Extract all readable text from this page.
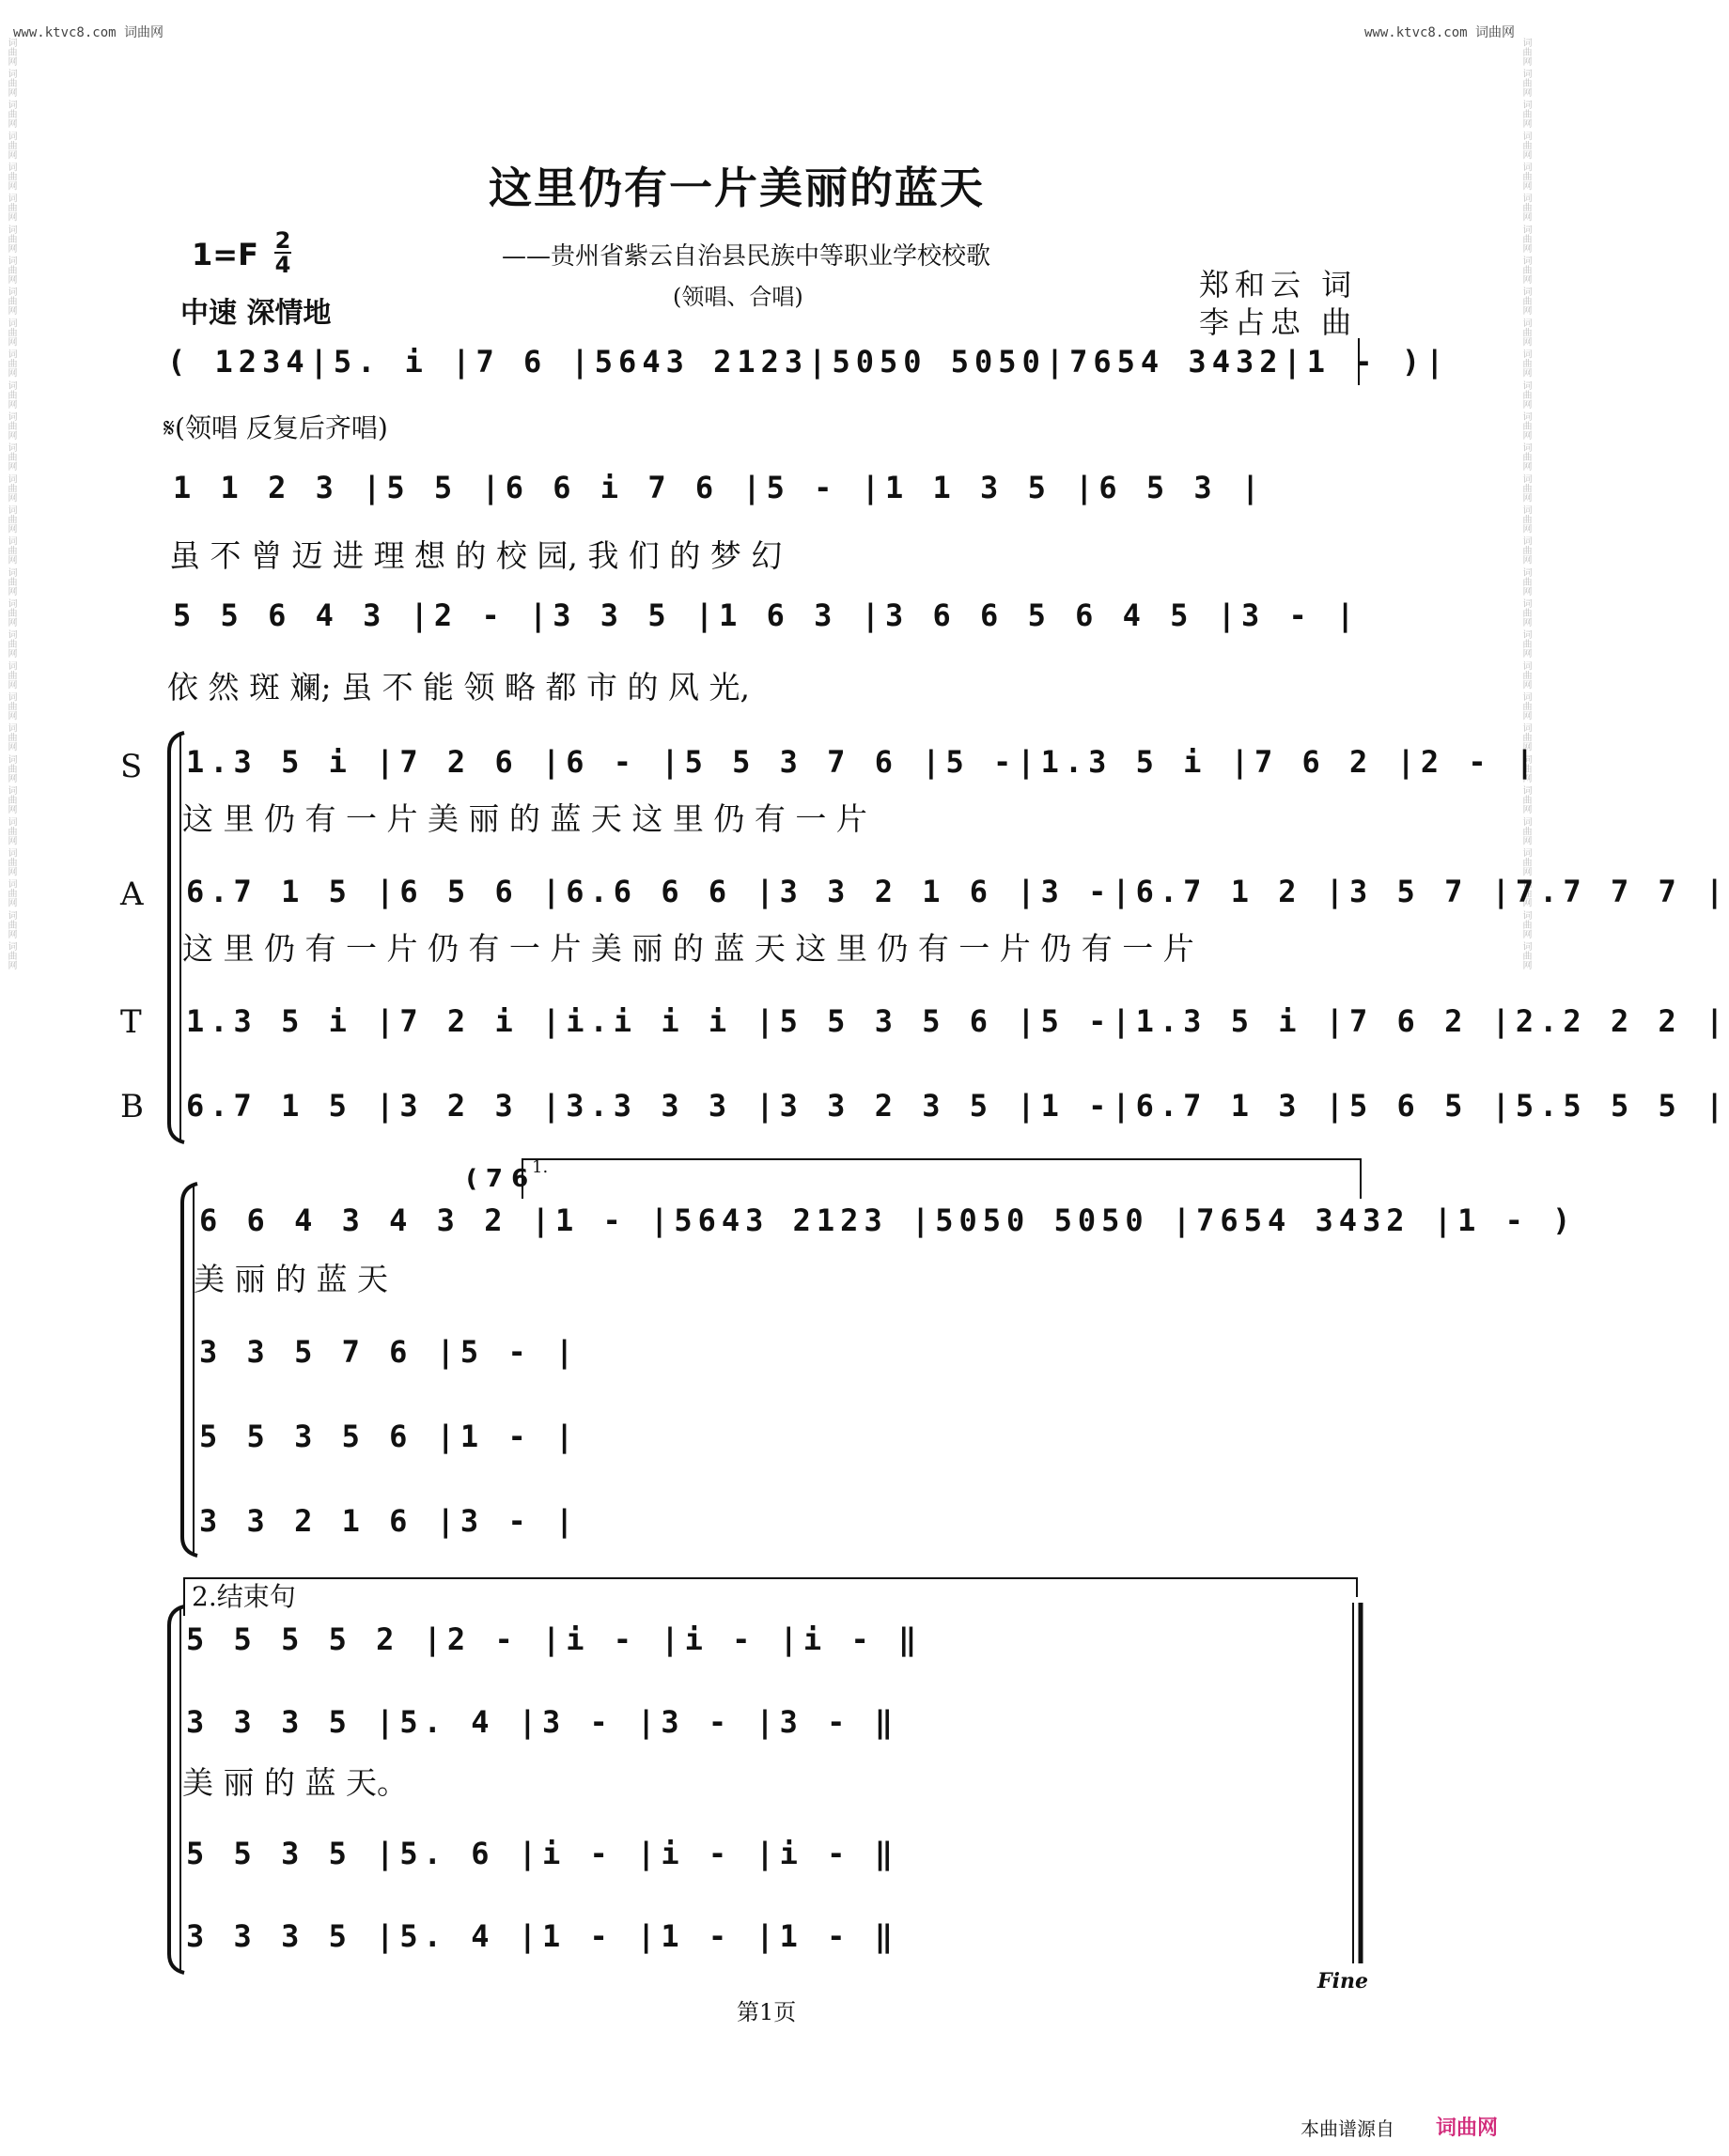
www.ktvc8.com 词曲网	www.ktvc8.com 词曲网
词曲网 词曲网 词曲网 词曲网 词曲网 词曲网 词曲网 词曲网 词曲网 词曲网 词曲网 词曲网 词曲网 词曲网 词曲网 词曲网 词曲网 词曲网 词曲网 词曲网 词曲网 词曲网 词曲网 词曲网 词曲网 词曲网 词曲网 词曲网 词曲网 词曲网	词曲网 词曲网 词曲网 词曲网 词曲网 词曲网 词曲网 词曲网 词曲网 词曲网 词曲网 词曲网 词曲网 词曲网 词曲网 词曲网 词曲网 词曲网 词曲网 词曲网 词曲网 词曲网 词曲网 词曲网 词曲网 词曲网 词曲网 词曲网 词曲网 词曲网
这里仍有一片美丽的蓝天
1=F 2
4	——贵州省紫云自治县民族中等职业学校校歌
(领唱、合唱)
中速 深情地
郑和云 词
李占忠 曲
( 1234|5. i |7 6 |5643 2123|5050 5050|7654 3432|1 - )|
𝄋(领唱 反复后齐唱)
1 1 2 3 |5 5 |6 6 i 7 6 |5 - |1 1 3 5 |6 5 3 |
虽 不 曾 迈 进 理 想 的 校 园, 我 们 的 梦 幻
5 5 6 4 3 |2 - |3 3 5 |1 6 3 |3 6 6 5 6 4 5 |3 - |
依 然 斑 斓; 虽 不 能 领 略 都 市 的 风 光,
S
A
T
B
1.3 5 i |7 2 6 |6 - |5 5 3 7 6 |5 -|1.3 5 i |7 6 2 |2 - |
这 里 仍 有 一 片 美 丽 的 蓝 天 这 里 仍 有 一 片
6.7 1 5 |6 5 6 |6.6 6 6 |3 3 2 1 6 |3 -|6.7 1 2 |3 5 7 |7.7 7 7 |
这 里 仍 有 一 片 仍 有 一 片 美 丽 的 蓝 天 这 里 仍 有 一 片 仍 有 一 片
1.3 5 i |7 2 i |i.i i i |5 5 3 5 6 |5 -|1.3 5 i |7 6 2 |2.2 2 2 |
6.7 1 5 |3 2 3 |3.3 3 3 |3 3 2 3 5 |1 -|6.7 1 3 |5 6 5 |5.5 5 5 |
( 7 6 1.
6 6 4 3 4 3 2 |1 - |5643 2123 |5050 5050 |7654 3432 |1 - )
美 丽 的 蓝 天
3 3 5 7 6 |5 - |
5 5 3 5 6 |1 - |
3 3 2 1 6 |3 - |
2.结束句
5 5 5 5 2 |2 - |i - |i - |i - ‖
3 3 3 5 |5. 4 |3 - |3 - |3 - ‖
美 丽 的 蓝 天。
5 5 3 5 |5. 6 |i - |i - |i - ‖
3 3 3 5 |5. 4 |1 - |1 - |1 - ‖
Fine
第1页
本曲谱源自 词曲网
